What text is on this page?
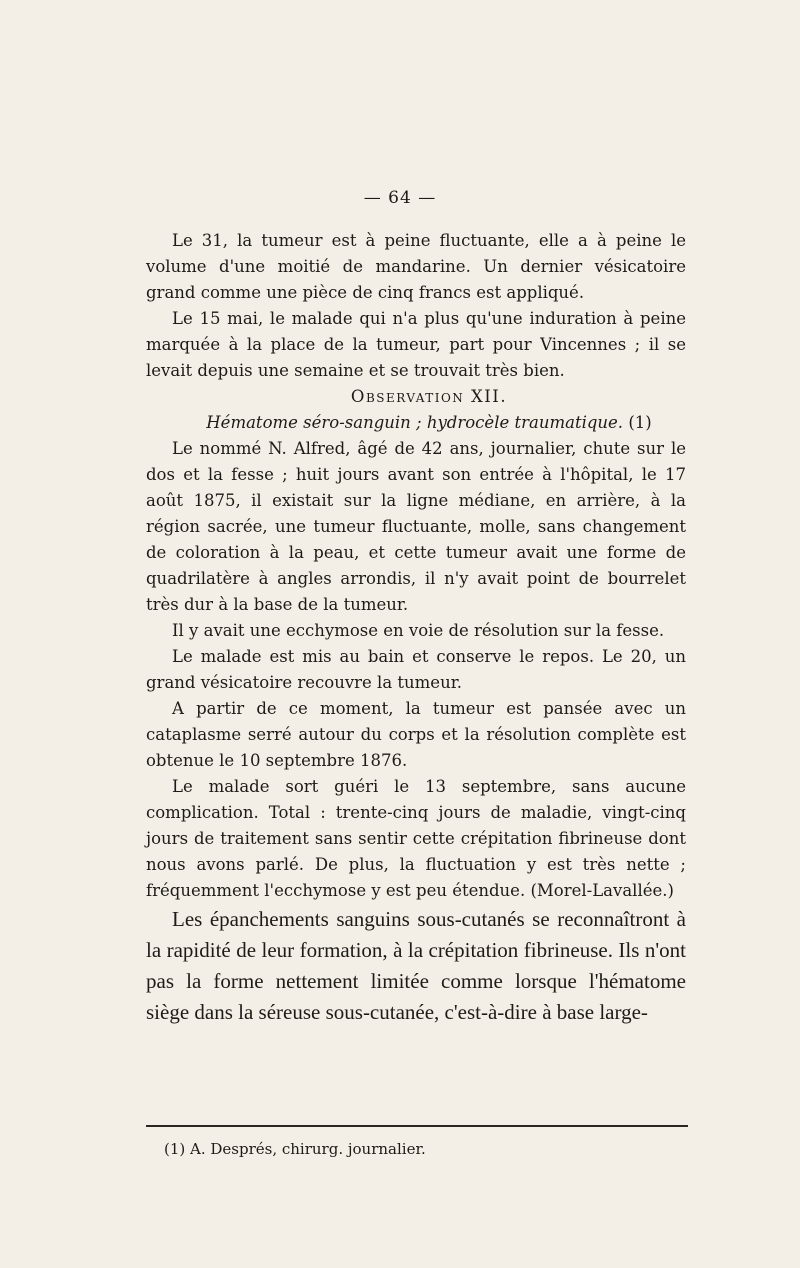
— 64 —

Le 31, la tumeur est à peine fluctuante, elle a à peine le volume d'une moitié de mandarine. Un dernier vésicatoire grand comme une pièce de cinq francs est appliqué.

Le 15 mai, le malade qui n'a plus qu'une induration à peine marquée à la place de la tumeur, part pour Vincennes ; il se levait depuis une semaine et se trouvait très bien.

Observation XII.

Hématome séro-sanguin ; hydrocèle traumatique. (1)

Le nommé N. Alfred, âgé de 42 ans, journalier, chute sur le dos et la fesse ; huit jours avant son entrée à l'hôpital, le 17 août 1875, il existait sur la ligne médiane, en arrière, à la région sacrée, une tumeur fluctuante, molle, sans changement de coloration à la peau, et cette tumeur avait une forme de quadrilatère à angles arrondis, il n'y avait point de bourrelet très dur à la base de la tumeur.

Il y avait une ecchymose en voie de résolution sur la fesse.

Le malade est mis au bain et conserve le repos. Le 20, un grand vésicatoire recouvre la tumeur.

A partir de ce moment, la tumeur est pansée avec un cataplasme serré autour du corps et la résolution complète est obtenue le 10 septembre 1876.

Le malade sort guéri le 13 septembre, sans aucune complication. Total : trente-cinq jours de maladie, vingt-cinq jours de traitement sans sentir cette crépitation fibrineuse dont nous avons parlé. De plus, la fluctuation y est très nette ; fréquemment l'ecchymose y est peu étendue. (Morel-Lavallée.)

Les épanchements sanguins sous-cutanés se reconnaîtront à la rapidité de leur formation, à la crépitation fibrineuse. Ils n'ont pas la forme nettement limitée comme lorsque l'hématome siège dans la séreuse sous-cutanée, c'est-à-dire à base large-

(1) A. Després, chirurg. journalier.
